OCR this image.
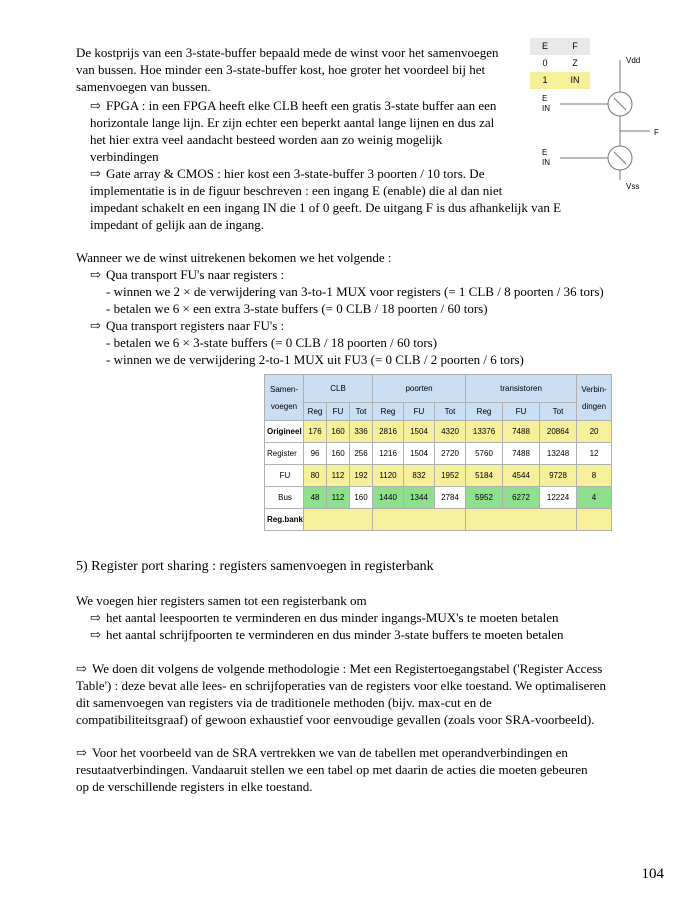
De kostprijs van een 3-state-buffer bepaald mede de winst voor het samenvoegen
van bussen. Hoe minder een 3-state-buffer kost, hoe groter het voordeel bij het
samenvoegen van bussen.
⇨ FPGA : in een FPGA heeft elke CLB heeft een gratis 3-state buffer aan een
horizontale lange lijn. Er zijn echter een beperkt aantal lange lijnen en dus zal
het hier extra veel aandacht besteed worden aan zo weinig mogelijk
verbindingen
⇨ Gate array & CMOS : hier kost een 3-state-buffer 3 poorten / 10 tors. De
implementatie is in de figuur beschreven : een ingang E (enable) die al dan niet
impedant schakelt en een ingang IN die 1 of 0 geeft. De uitgang F is dus afhankelijk van E
impedant of gelijk aan de ingang.
E	F
0	Z
1	IN
Vdd
E
IN
F
E
IN
Vss
Wanneer we de winst uitrekenen bekomen we het volgende :
⇨ Qua transport FU's naar registers :
- winnen we 2 × de verwijdering van 3-to-1 MUX voor registers (= 1 CLB / 8 poorten / 36 tors)
- betalen we 6 × een extra 3-state buffers (= 0 CLB / 18 poorten / 60 tors)
⇨ Qua transport registers naar FU's :
- betalen we 6 × 3-state buffers (= 0 CLB / 18 poorten / 60 tors)
- winnen we de verwijdering 2-to-1 MUX uit FU3 (= 0 CLB / 2 poorten / 6 tors)
Samen-voegen	CLB			poorten			transistoren			Verbin-dingen
	Reg	FU	Tot	Reg	FU	Tot	Reg	FU	Tot	
Origineel	176	160	336	2816	1504	4320	13376	7488	20864	20
Register	96	160	256	1216	1504	2720	5760	7488	13248	12
FU	80	112	192	1120	832	1952	5184	4544	9728	8
Bus	48	112	160	1440	1344	2784	5952	6272	12224	4
Reg.bank										
5) Register port sharing : registers samenvoegen in registerbank
We voegen hier registers samen tot een registerbank om
⇨ het aantal leespoorten te verminderen en dus minder ingangs-MUX's te moeten betalen
⇨ het aantal schrijfpoorten te verminderen en dus minder 3-state buffers te moeten betalen
⇨ We doen dit volgens de volgende methodologie : Met een Registertoegangstabel ('Register Access
Table') : deze bevat alle lees- en schrijfoperaties van de registers voor elke toestand. We optimaliseren
dit samenvoegen van registers via de traditionele methoden (bijv. max-cut en de
compatibiliteitsgraaf) of gewoon exhaustief voor eenvoudige gevallen (zoals voor SRA-voorbeeld).
⇨ Voor het voorbeeld van de SRA vertrekken we van de tabellen met operandverbindingen en
resutaatverbindingen. Vandaaruit stellen we een tabel op met daarin de acties die moeten gebeuren
op de verschillende registers in elke toestand.
104
